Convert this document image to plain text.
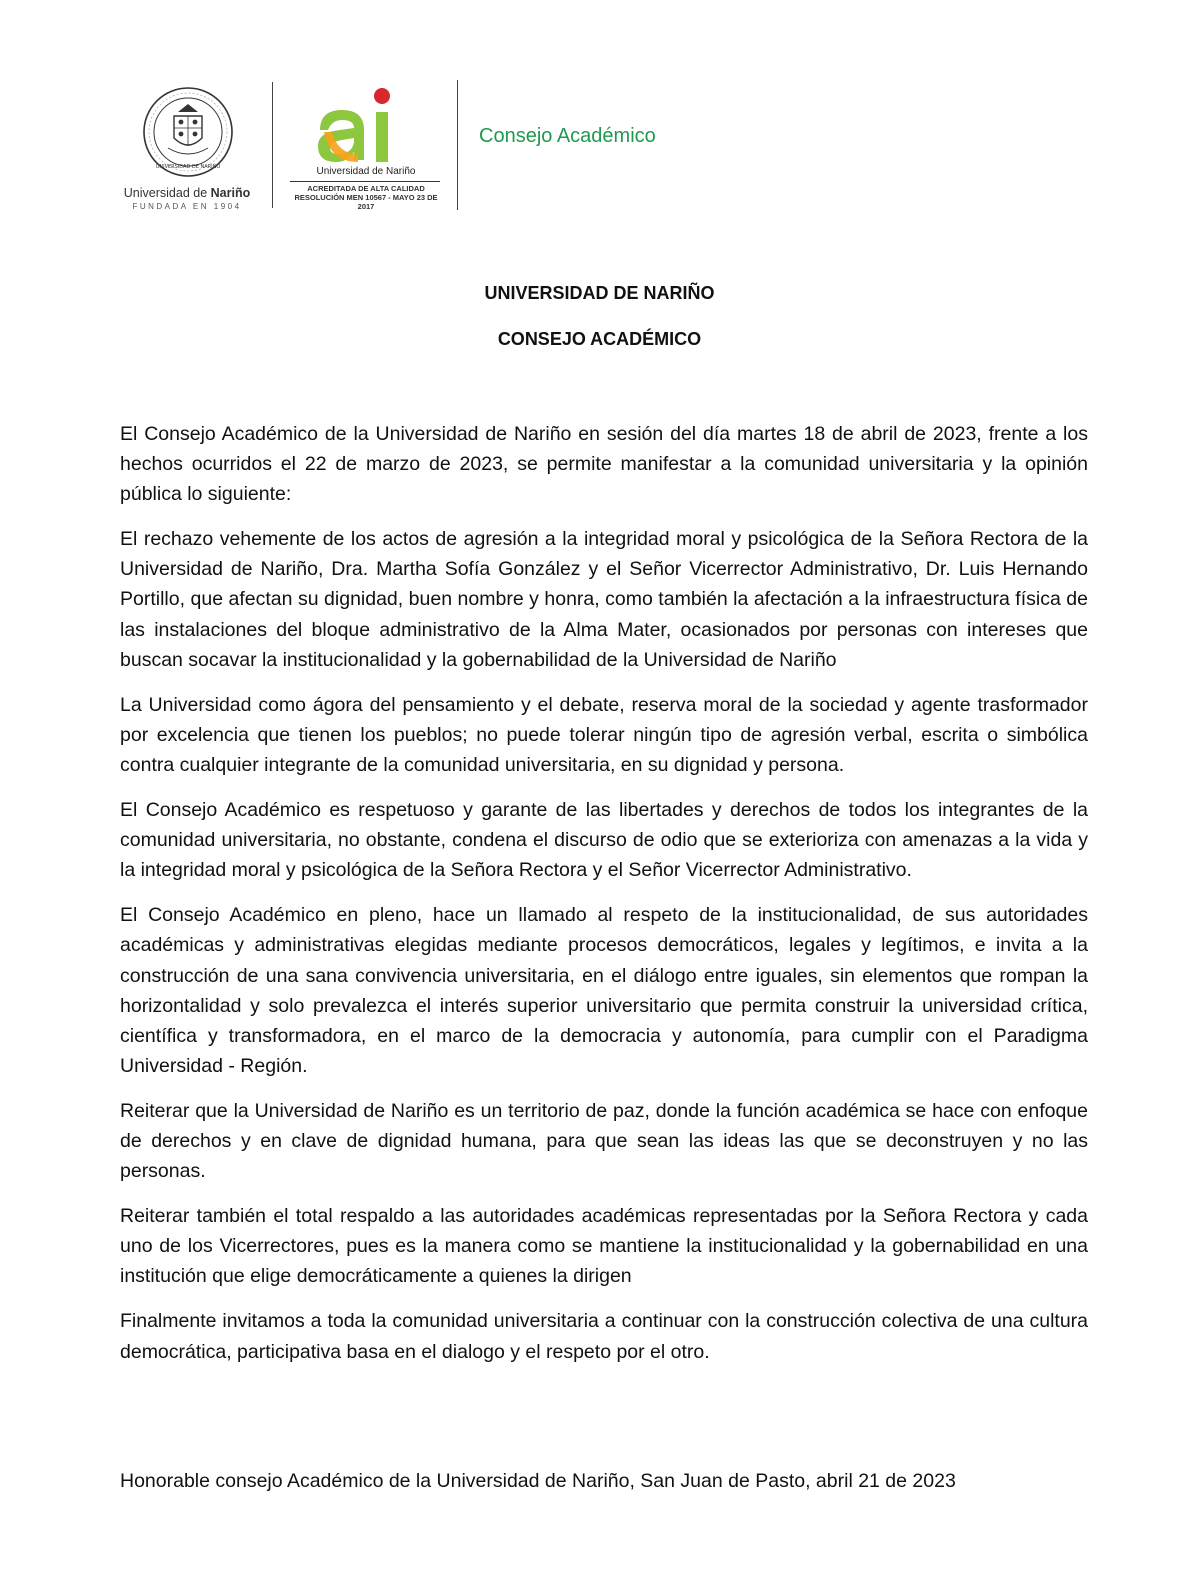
UNIVERSIDAD DE NARIÑO
Universidad de Nariño
FUNDADA EN 1904
Universidad de Nariño
ACREDITADA DE ALTA CALIDAD
RESOLUCIÓN MEN 10567 - MAYO 23 DE 2017
Consejo Académico
UNIVERSIDAD DE NARIÑO
CONSEJO ACADÉMICO

El Consejo Académico de la Universidad de Nariño en sesión del día martes 18 de abril de 2023, frente a los hechos ocurridos el 22 de marzo de 2023, se permite manifestar a la comunidad universitaria y la opinión pública lo siguiente:

El rechazo vehemente de los actos de agresión a la integridad moral y psicológica de la Señora Rectora de la Universidad de Nariño, Dra. Martha Sofía González y el Señor Vicerrector Administrativo, Dr. Luis Hernando Portillo, que afectan su dignidad, buen nombre y honra, como también la afectación a la infraestructura física de las instalaciones del bloque administrativo de la Alma Mater, ocasionados por personas con intereses que buscan socavar la institucionalidad y la gobernabilidad de la Universidad de Nariño

La Universidad como ágora del pensamiento y el debate, reserva moral de la sociedad y agente trasformador por excelencia que tienen los pueblos; no puede tolerar ningún tipo de agresión verbal, escrita o simbólica contra cualquier integrante de la comunidad universitaria, en su dignidad y persona.

El Consejo Académico es respetuoso y garante de las libertades y derechos de todos los integrantes de la comunidad universitaria, no obstante, condena el discurso de odio que se exterioriza con amenazas a la vida y la integridad moral y psicológica de la Señora Rectora y el Señor Vicerrector Administrativo.

El Consejo Académico en pleno, hace un llamado al respeto de la institucionalidad, de sus autoridades académicas y administrativas elegidas mediante procesos democráticos, legales y legítimos, e invita a la construcción de una sana convivencia universitaria, en el diálogo entre iguales, sin elementos que rompan la horizontalidad y solo prevalezca el interés superior universitario que permita construir la universidad crítica, científica y transformadora, en el marco de la democracia y autonomía, para cumplir con el Paradigma Universidad - Región.

Reiterar que la Universidad de Nariño es un territorio de paz, donde la función académica se hace con enfoque de derechos y en clave de dignidad humana, para que sean las ideas las que se deconstruyen y no las personas.

Reiterar también el total respaldo a las autoridades académicas representadas por la Señora Rectora y cada uno de los Vicerrectores, pues es la manera como se mantiene la institucionalidad y la gobernabilidad en una institución que elige democráticamente a quienes la dirigen

Finalmente invitamos a toda la comunidad universitaria a continuar con la construcción colectiva de una cultura democrática, participativa basa en el dialogo y el respeto por el otro.

Honorable consejo Académico de la Universidad de Nariño, San Juan de Pasto, abril 21 de 2023
